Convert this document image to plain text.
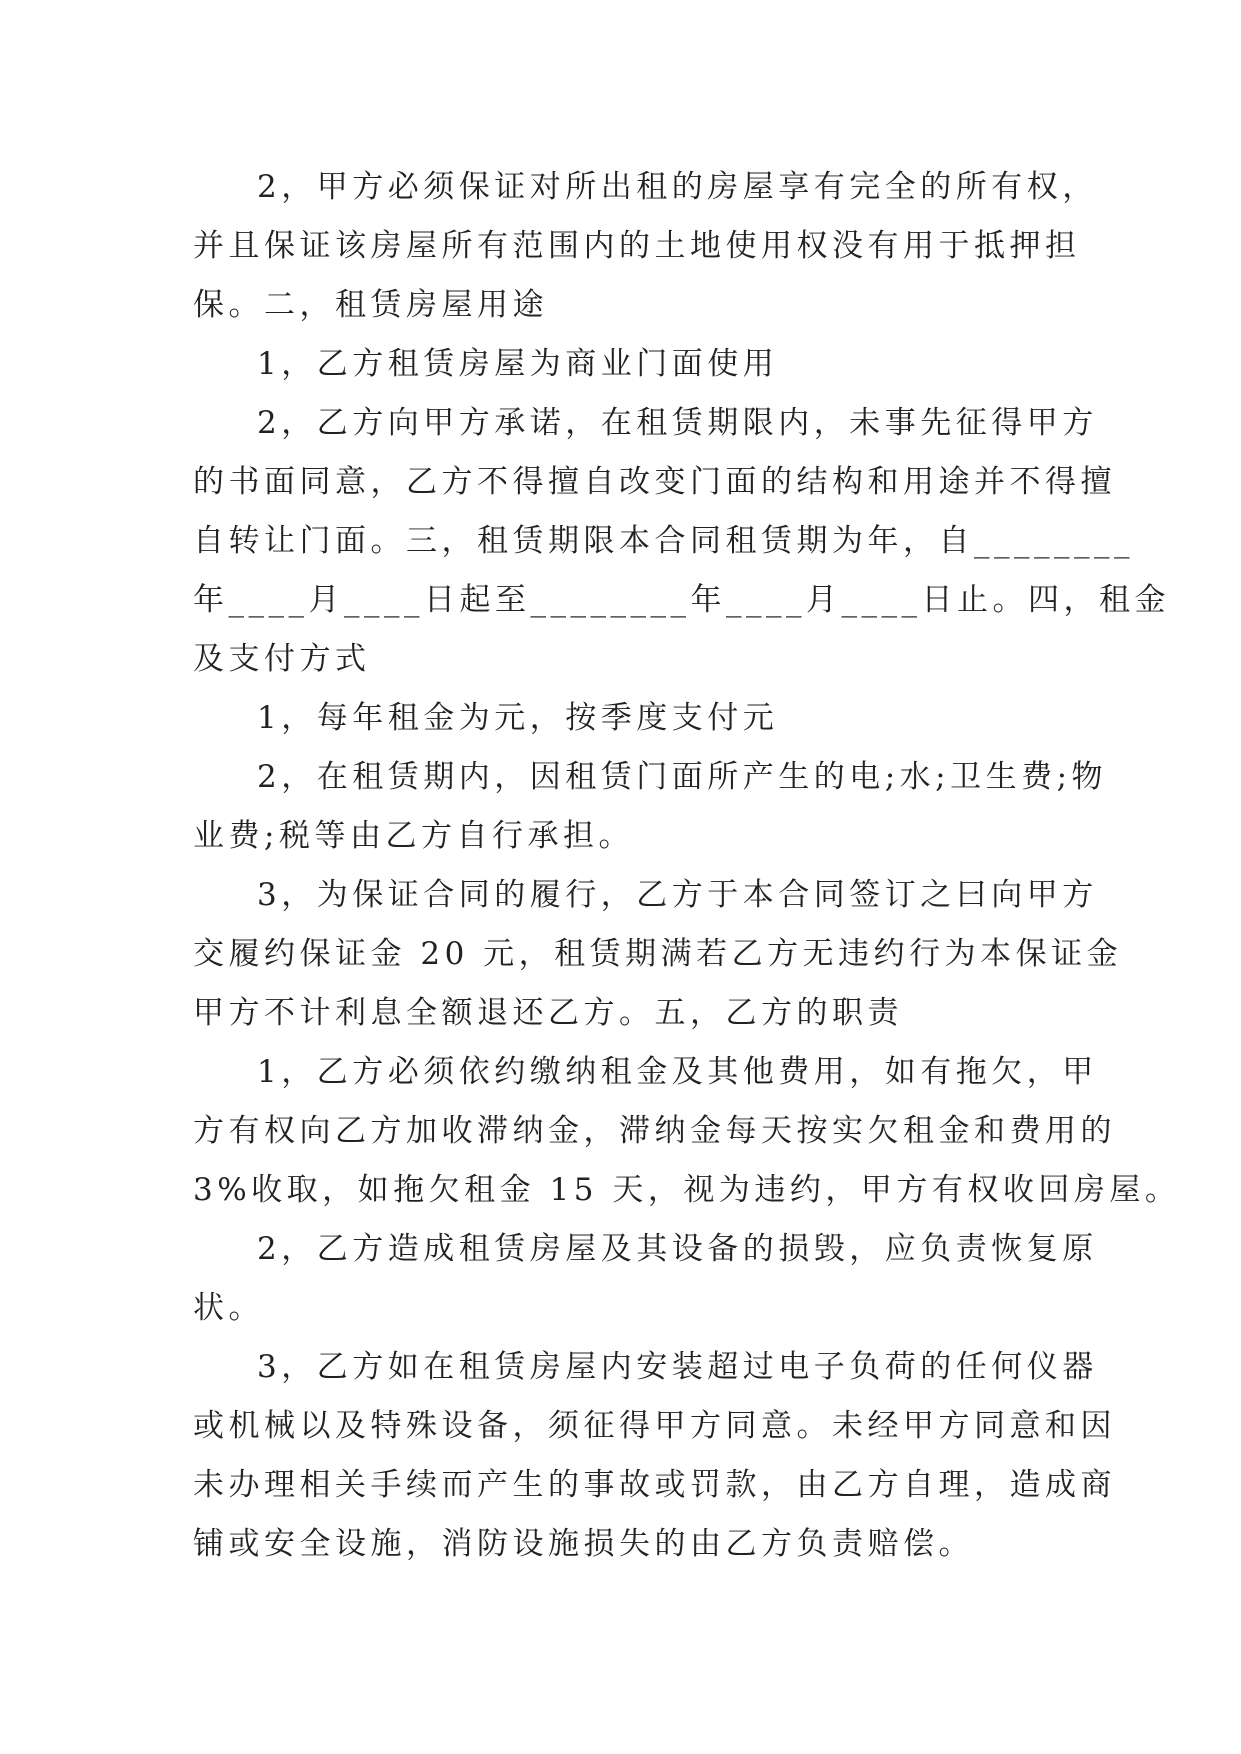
2，甲方必须保证对所出租的房屋享有完全的所有权，
并且保证该房屋所有范围内的土地使用权没有用于抵押担
保。二，租赁房屋用途
1，乙方租赁房屋为商业门面使用
2，乙方向甲方承诺，在租赁期限内，未事先征得甲方
的书面同意，乙方不得擅自改变门面的结构和用途并不得擅
自转让门面。三，租赁期限本合同租赁期为年，自________
年____月____日起至________年____月____日止。四，租金
及支付方式
1，每年租金为元，按季度支付元
2，在租赁期内，因租赁门面所产生的电;水;卫生费;物
业费;税等由乙方自行承担。
3，为保证合同的履行，乙方于本合同签订之曰向甲方
交履约保证金 20 元，租赁期满若乙方无违约行为本保证金
甲方不计利息全额退还乙方。五，乙方的职责
1，乙方必须依约缴纳租金及其他费用，如有拖欠，甲
方有权向乙方加收滞纳金，滞纳金每天按实欠租金和费用的
3%收取，如拖欠租金 15 天，视为违约，甲方有权收回房屋。
2，乙方造成租赁房屋及其设备的损毁，应负责恢复原
状。
3，乙方如在租赁房屋内安装超过电子负荷的任何仪器
或机械以及特殊设备，须征得甲方同意。未经甲方同意和因
未办理相关手续而产生的事故或罚款，由乙方自理，造成商
铺或安全设施，消防设施损失的由乙方负责赔偿。
